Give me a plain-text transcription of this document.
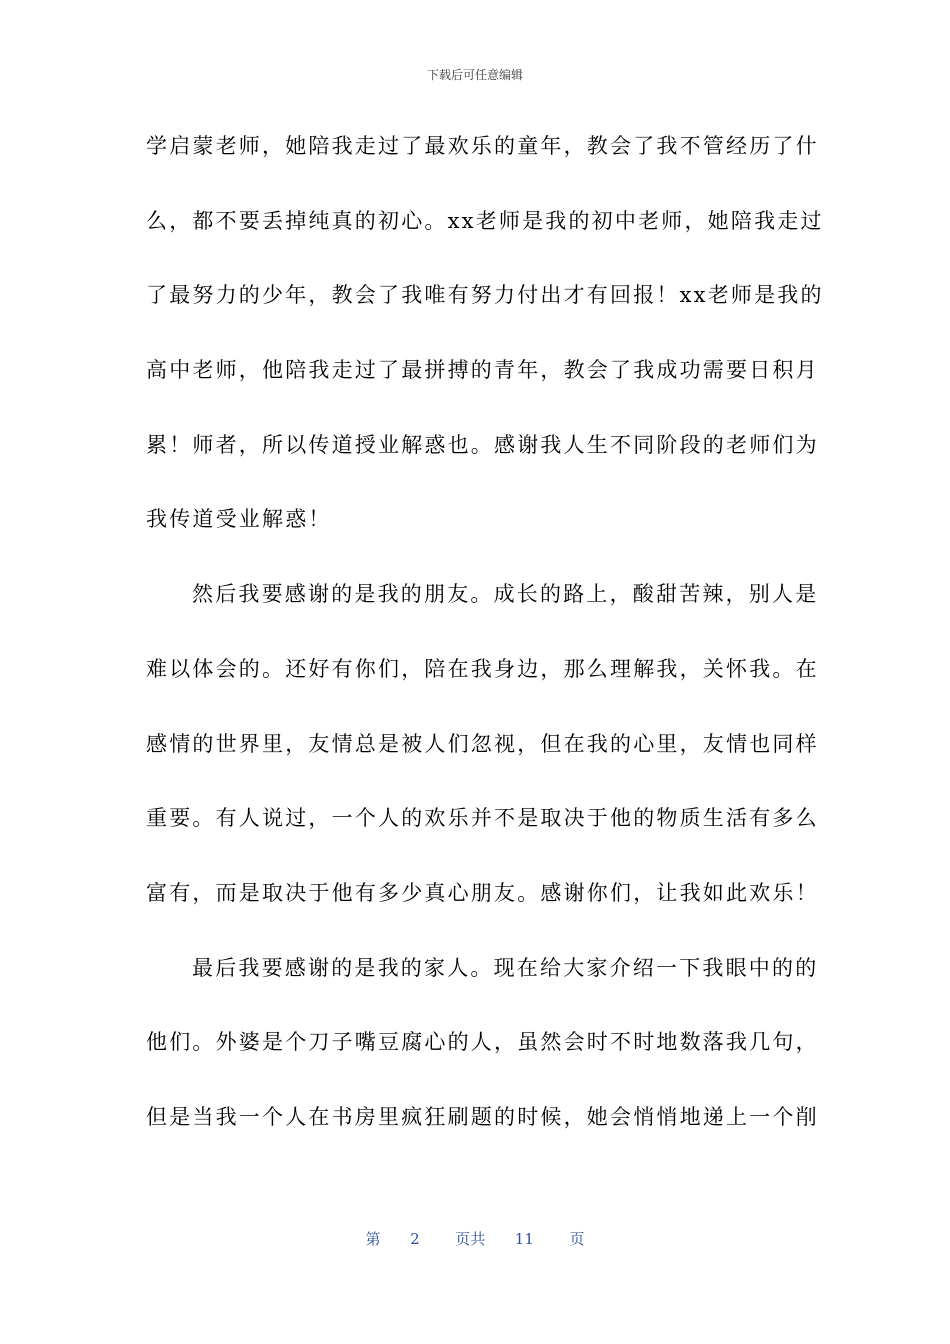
下载后可任意编辑
学启蒙老师，她陪我走过了最欢乐的童年，教会了我不管经历了什
么，都不要丢掉纯真的初心。xx老师是我的初中老师，她陪我走过
了最努力的少年，教会了我唯有努力付出才有回报！xx老师是我的
高中老师，他陪我走过了最拼搏的青年，教会了我成功需要日积月
累！师者，所以传道授业解惑也。感谢我人生不同阶段的老师们为
我传道受业解惑！
然后我要感谢的是我的朋友。成长的路上，酸甜苦辣，别人是
难以体会的。还好有你们，陪在我身边，那么理解我，关怀我。在
感情的世界里，友情总是被人们忽视，但在我的心里，友情也同样
重要。有人说过，一个人的欢乐并不是取决于他的物质生活有多么
富有，而是取决于他有多少真心朋友。感谢你们，让我如此欢乐！
最后我要感谢的是我的家人。现在给大家介绍一下我眼中的的
他们。外婆是个刀子嘴豆腐心的人，虽然会时不时地数落我几句，
但是当我一个人在书房里疯狂刷题的时候，她会悄悄地递上一个削
第 2 页共 11 页
